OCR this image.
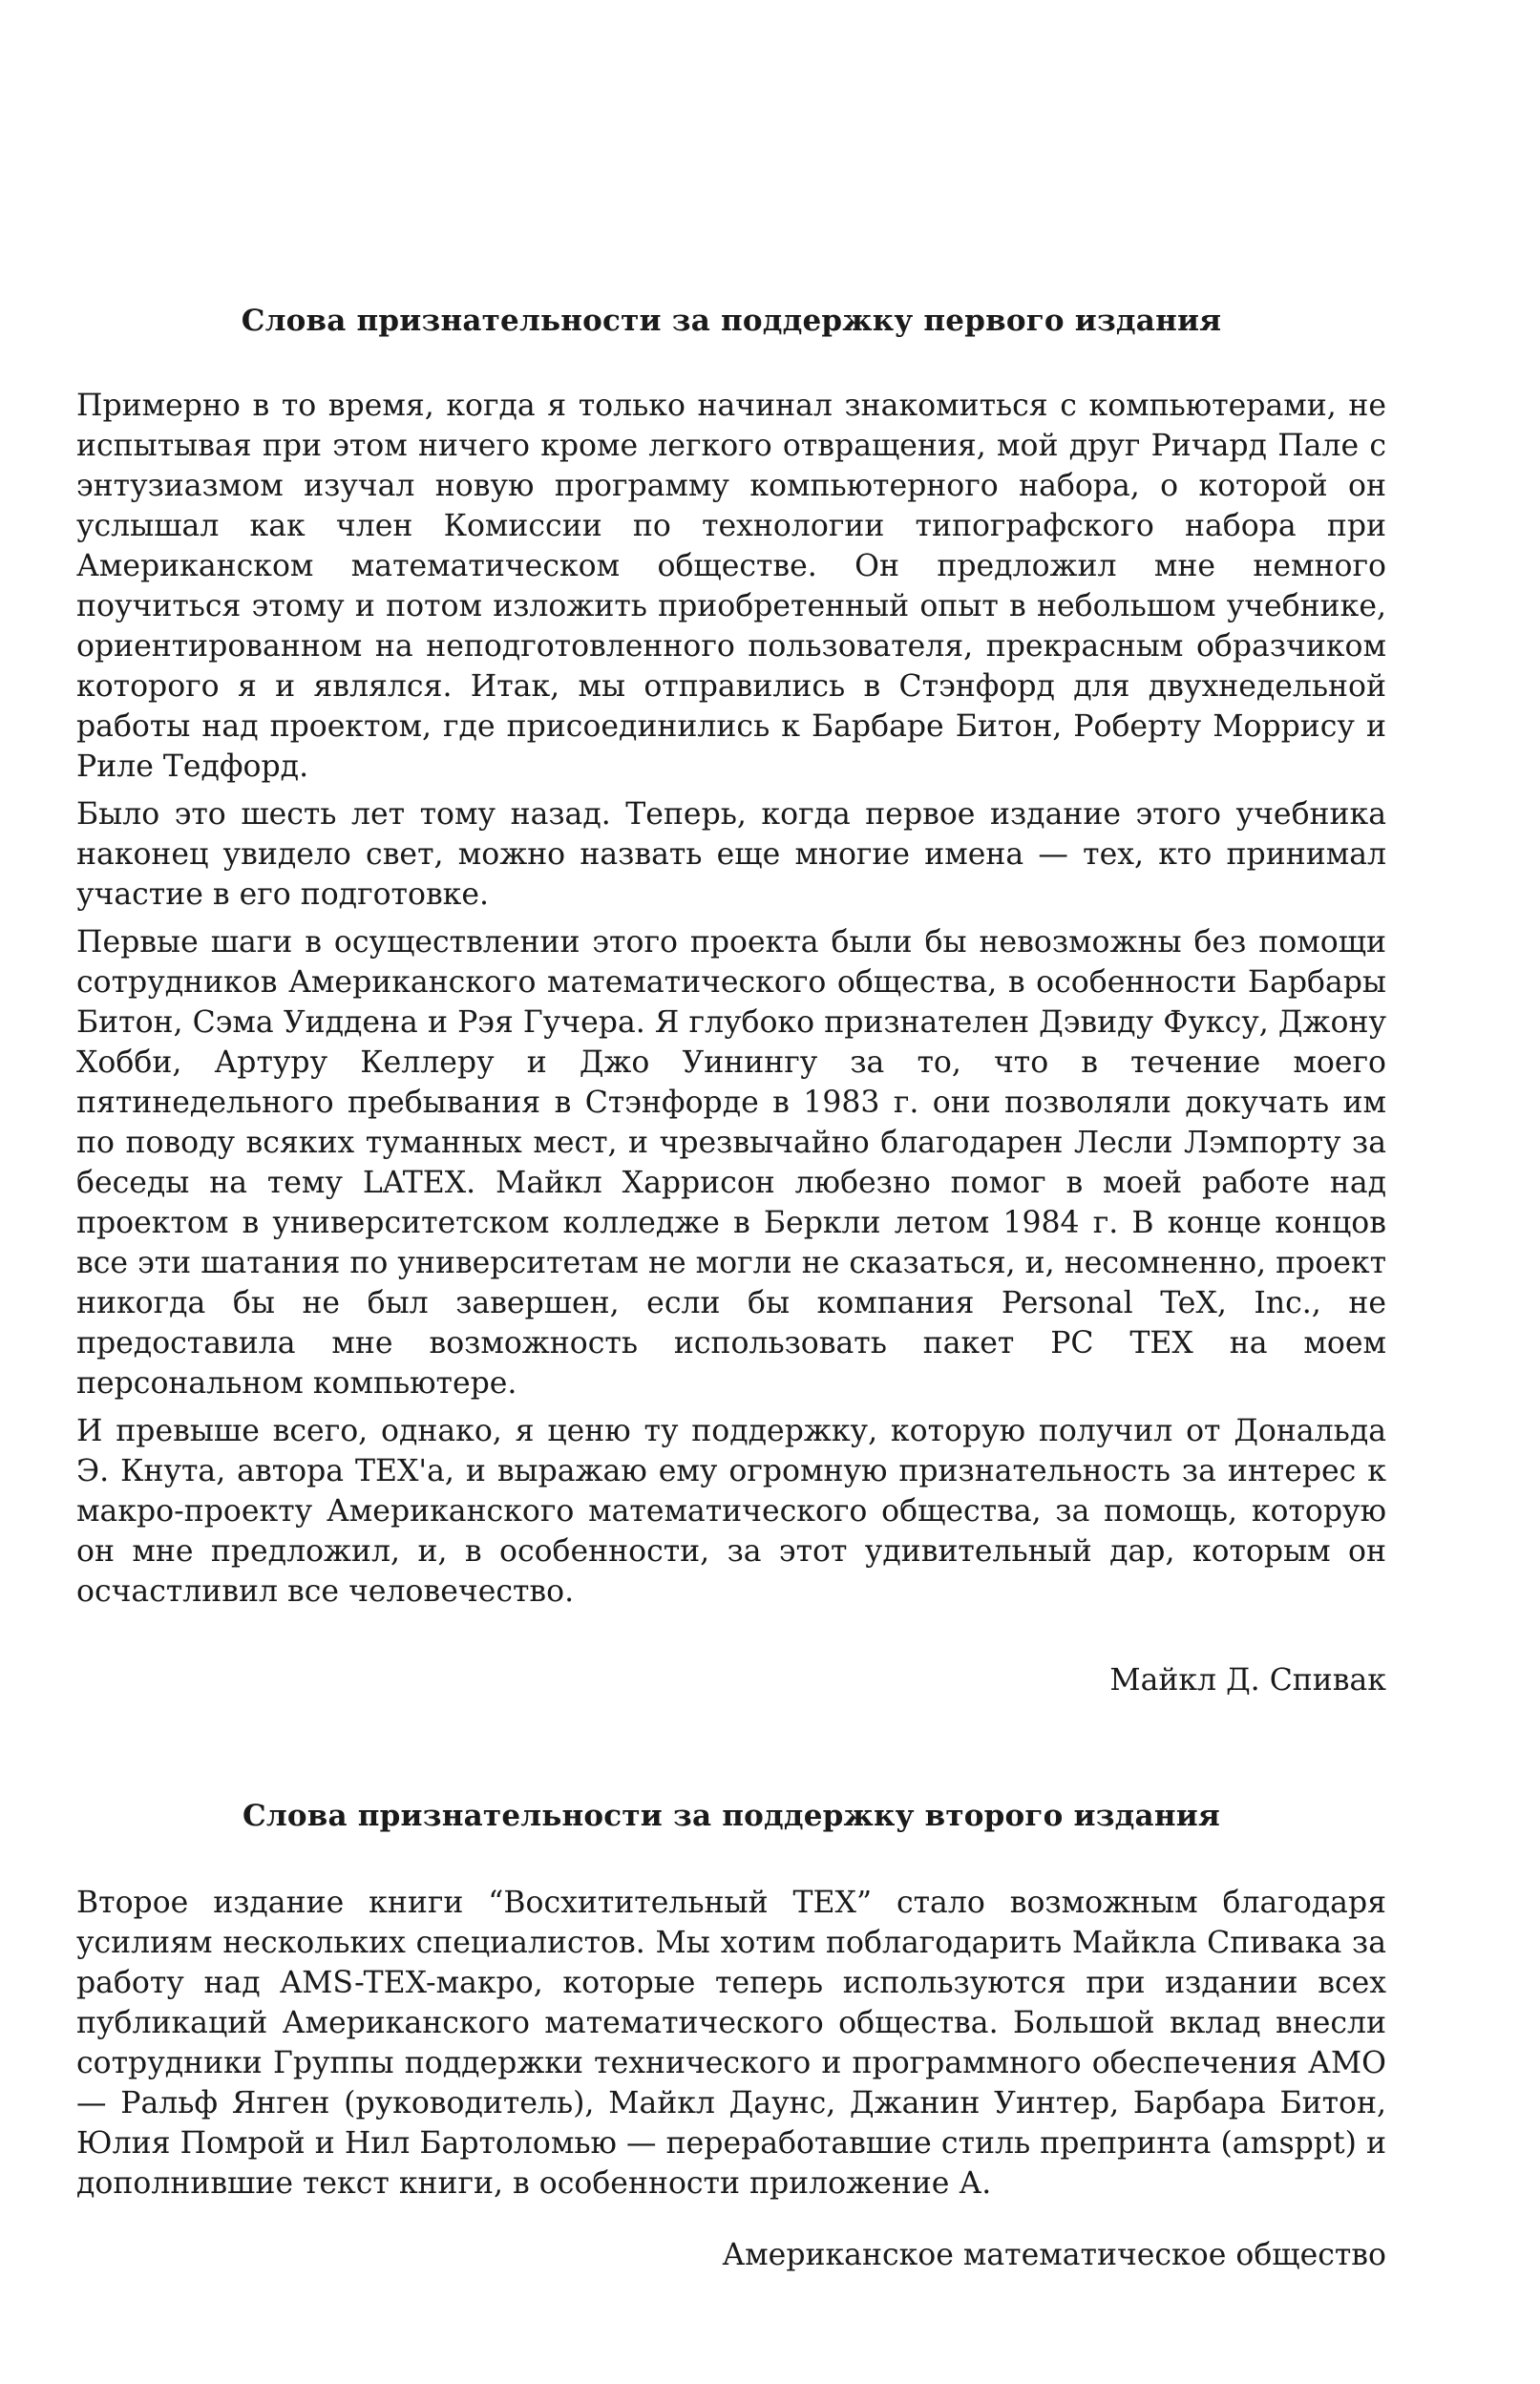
Слова признательности за поддержку первого издания

Примерно в то время, когда я только начинал знакомиться с компьютерами, не испытывая при этом ничего кроме легкого отвращения, мой друг Ричард Пале с энтузиазмом изучал новую программу компьютерного набора, о которой он услышал как член Комиссии по технологии типографского набора при Американском математическом обществе. Он предложил мне немного поучиться этому и потом изложить приобретенный опыт в небольшом учебнике, ориентированном на неподготовленного пользователя, прекрасным образчиком которого я и являлся. Итак, мы отправились в Стэнфорд для двухнедельной работы над проектом, где присоединились к Барбаре Битон, Роберту Моррису и Риле Тедфорд.

Было это шесть лет тому назад. Теперь, когда первое издание этого учебника наконец увидело свет, можно назвать еще многие имена — тех, кто принимал участие в его подготовке.

Первые шаги в осуществлении этого проекта были бы невозможны без помощи сотрудников Американского математического общества, в особенности Барбары Битон, Сэма Уиддена и Рэя Гучера. Я глубоко признателен Дэвиду Фуксу, Джону Хобби, Артуру Келлеру и Джо Уинингу за то, что в течение моего пятинедельного пребывания в Стэнфорде в 1983 г. они позволяли докучать им по поводу всяких туманных мест, и чрезвычайно благодарен Лесли Лэмпорту за беседы на тему LATEX. Майкл Харрисон любезно помог в моей работе над проектом в университетском колледже в Беркли летом 1984 г. В конце концов все эти шатания по университетам не могли не сказаться, и, несомненно, проект никогда бы не был завершен, если бы компания Personal TeX, Inc., не предоставила мне возможность использовать пакет PC TEX на моем персональном компьютере.

И превыше всего, однако, я ценю ту поддержку, которую получил от Дональда Э. Кнута, автора TEX'а, и выражаю ему огромную признательность за интерес к макро-проекту Американского математического общества, за помощь, которую он мне предложил, и, в особенности, за этот удивительный дар, которым он осчастливил все человечество.

Майкл Д. Спивак
Слова признательности за поддержку второго издания

Второе издание книги “Восхитительный TEX” стало возможным благодаря усилиям нескольких специалистов. Мы хотим поблагодарить Майкла Спивака за работу над AMS-TEX-макро, которые теперь используются при издании всех публикаций Американского математического общества. Большой вклад внесли сотрудники Группы поддержки технического и программного обеспечения АМО — Ральф Янген (руководитель), Майкл Даунс, Джанин Уинтер, Барбара Битон, Юлия Помрой и Нил Бартоломью — переработавшие стиль препринта (amsppt) и дополнившие текст книги, в особенности приложение А.

Американское математическое общество
